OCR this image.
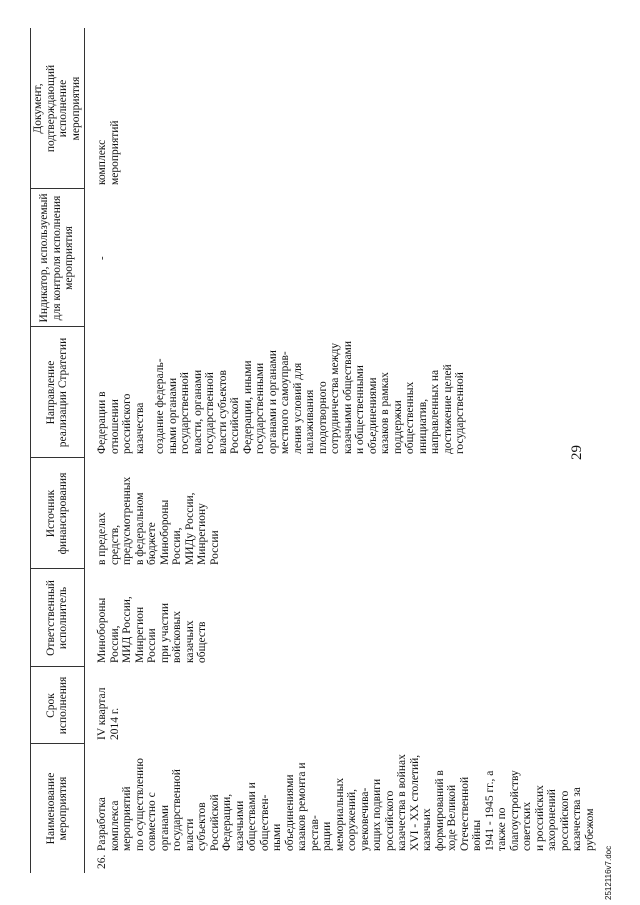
29
Наименование мероприятия
Срок исполнения
Ответственный исполнитель
Источник финансирования
Направление реализации Стратегии
Индикатор, используемый для контроля исполнения мероприятия
Документ, подтверждающий исполнение мероприятия
Федерации в
отношении
российского
казачества
26.
Разработка комплекса
мероприятий
по осуществлению
совместно с органами
государственной власти
субъектов Российской
Федерации, казачьими
обществами и обществен-
ными объединениями
казаков ремонта и рестав-
рации мемориальных
сооружений, увековечива-
ющих подвиги российского
казачества в войнах
XVI - XX столетий,
казачьих формирований в
ходе Великой
Отечественной войны
1941 - 1945 гг., а также по
благоустройству советских
и российских захоронений
российского казачества за
рубежом
IV квартал
2014 г.
Минобороны
России,
МИД России,
Минрегион
России
при участии
войсковых
казачьих
обществ
в пределах
средств,
предусмотренных
в федеральном
бюджете
Минобороны
России,
МИДу России,
Минрегиону
России
создание федераль-
ными органами
государственной
власти, органами
государственной
власти субъектов
Российской
Федерации, иными
государственными
органами и органами
местного самоуправ-
ления условий для
налаживания
плодотворного
сотрудничества между
казачьими обществами
и общественными
объединениями
казаков в рамках
поддержки
общественных
инициатив,
направленных на
достижение целей
государственной
-
комплекс
мероприятий
2512116v7.doc
